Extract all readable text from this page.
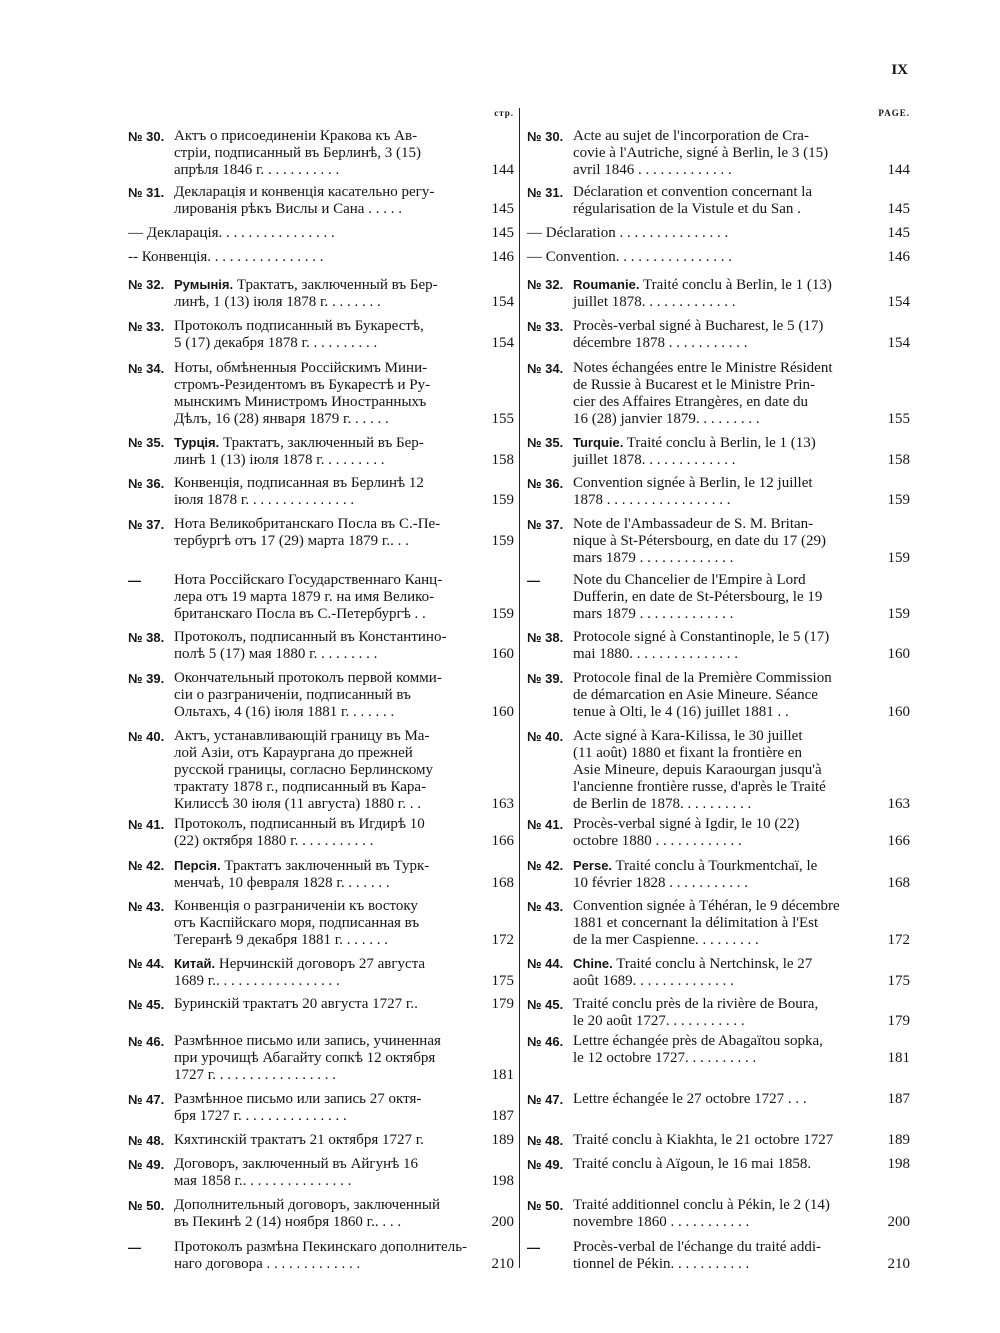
IX
стр.
№ 30. Актъ о присоединеніи Кракова къ Ав-
стріи, подписанный въ Берлинѣ, 3 (15)
апрѣля 1846 г. . . . . . . . . . .	144
№ 31. Декларація и конвенція касательно регу-
лированія рѣкъ Вислы и Сана . . . . .	145
— Декларація. . . . . . . . . . . . . . . .	145
-- Конвенція. . . . . . . . . . . . . . . .	146
№ 32. Румынія. Трактатъ, заключенный въ Бер-
линѣ, 1 (13) іюля 1878 г. . . . . . . .	154
№ 33. Протоколъ подписанный въ Букарестѣ,
5 (17) декабря 1878 г. . . . . . . . . .	154
№ 34. Ноты, обмѣненныя Россійскимъ Мини-
стромъ-Резидентомъ въ Букарестѣ и Ру-
мынскимъ Министромъ Иностранныхъ
Дѣлъ, 16 (28) января 1879 г. . . . . .	155
№ 35. Турція. Трактатъ, заключенный въ Бер-
линѣ 1 (13) іюля 1878 г. . . . . . . . .	158
№ 36. Конвенція, подписанная въ Берлинѣ 12
іюля 1878 г. . . . . . . . . . . . . . .	159
№ 37. Нота Великобританскаго Посла въ С.-Пе-
тербургѣ отъ 17 (29) марта 1879 г.. . .	159
—	Нота Россійскаго Государственнаго Канц-
лера отъ 19 марта 1879 г. на имя Велико-
британскаго Посла въ С.-Петербургѣ . .	159
№ 38. Протоколъ, подписанный въ Константино-
полѣ 5 (17) мая 1880 г. . . . . . . . .	160
№ 39. Окончательный протоколъ первой комми-
сіи о разграниченіи, подписанный въ
Ольтахъ, 4 (16) іюля 1881 г. . . . . . .	160
№ 40. Актъ, устанавливающій границу въ Ма-
лой Азіи, отъ Караургана до прежней
русской границы, согласно Берлинскому
трактату 1878 г., подписанный въ Кара-
Килиссѣ 30 іюля (11 августа) 1880 г. . .	163
№ 41. Протоколъ, подписанный въ Игдирѣ 10
(22) октября 1880 г. . . . . . . . . . .	166
№ 42. Персія. Трактатъ заключенный въ Турк-
менчаѣ, 10 февраля 1828 г. . . . . . .	168
№ 43. Конвенція о разграниченіи къ востоку
отъ Каспійскаго моря, подписанная въ
Тегеранѣ 9 декабря 1881 г. . . . . . .	172
№ 44. Китай. Нерчинскій договоръ 27 августа
1689 г.. . . . . . . . . . . . . . . . .	175
№ 45. Буринскій трактатъ 20 августа 1727 г..	179
№ 46. Размѣнное письмо или запись, учиненная
при урочищѣ Абагайту сопкѣ 12 октября
1727 г. . . . . . . . . . . . . . . . .	181
№ 47. Размѣнное письмо или запись 27 октя-
бря 1727 г. . . . . . . . . . . . . . .	187
№ 48. Кяхтинскій трактатъ 21 октября 1727 г.	189
№ 49. Договоръ, заключенный въ Айгунѣ 16
мая 1858 г.. . . . . . . . . . . . . . .	198
№ 50. Дополнительный договоръ, заключенный
въ Пекинѣ 2 (14) ноября 1860 г.. . . .	200
—	Протоколъ размѣна Пекинскаго дополнитель-
наго договора . . . . . . . . . . . . .	210
PAGE.
№ 30. Acte au sujet de l'incorporation de Cra-
covie à l'Autriche, signé à Berlin, le 3 (15)
avril 1846 . . . . . . . . . . . . .	144
№ 31. Déclaration et convention concernant la
régularisation de la Vistule et du San .	145
— Déclaration . . . . . . . . . . . . . . .	145
— Convention. . . . . . . . . . . . . . . .	146
№ 32. Roumanie. Traité conclu à Berlin, le 1 (13)
juillet 1878. . . . . . . . . . . . .	154
№ 33. Procès-verbal signé à Bucharest, le 5 (17)
décembre 1878 . . . . . . . . . . .	154
№ 34. Notes échangées entre le Ministre Résident
de Russie à Bucarest et le Ministre Prin-
cier des Affaires Etrangères, en date du
16 (28) janvier 1879. . . . . . . . .	155
№ 35. Turquie. Traité conclu à Berlin, le 1 (13)
juillet 1878. . . . . . . . . . . . .	158
№ 36. Convention signée à Berlin, le 12 juillet
1878 . . . . . . . . . . . . . . . . .	159
№ 37. Note de l'Ambassadeur de S. M. Britan-
nique à St-Pétersbourg, en date du 17 (29)
mars 1879 . . . . . . . . . . . . .	159
—	Note du Chancelier de l'Empire à Lord
Dufferin, en date de St-Pétersbourg, le 19
mars 1879 . . . . . . . . . . . . .	159
№ 38. Protocole signé à Constantinople, le 5 (17)
mai 1880. . . . . . . . . . . . . . .	160
№ 39. Protocole final de la Première Commission
de démarcation en Asie Mineure. Séance
tenue à Olti, le 4 (16) juillet 1881 . .	160
№ 40. Acte signé à Kara-Kilissa, le 30 juillet
(11 août) 1880 et fixant la frontière en
Asie Mineure, depuis Karaourgan jusqu'à
l'ancienne frontière russe, d'après le Traité
de Berlin de 1878. . . . . . . . . .	163
№ 41. Procès-verbal signé à Igdir, le 10 (22)
octobre 1880 . . . . . . . . . . . .	166
№ 42. Perse. Traité conclu à Tourkmentchaï, le
10 février 1828 . . . . . . . . . . .	168
№ 43. Convention signée à Téhéran, le 9 décembre
1881 et concernant la délimitation à l'Est
de la mer Caspienne. . . . . . . . .	172
№ 44. Chine. Traité conclu à Nertchinsk, le 27
août 1689. . . . . . . . . . . . . .	175
№ 45. Traité conclu près de la rivière de Boura,
le 20 août 1727. . . . . . . . . . .	179
№ 46. Lettre échangée près de Abagaïtou sopka,
le 12 octobre 1727. . . . . . . . . .	181
№ 47. Lettre échangée le 27 octobre 1727 . . .	187
№ 48. Traité conclu à Kiakhta, le 21 octobre 1727	189
№ 49. Traité conclu à Aïgoun, le 16 mai 1858.	198
№ 50. Traité additionnel conclu à Pékin, le 2 (14)
novembre 1860 . . . . . . . . . . .	200
—	Procès-verbal de l'échange du traité addi-
tionnel de Pékin. . . . . . . . . . .	210
